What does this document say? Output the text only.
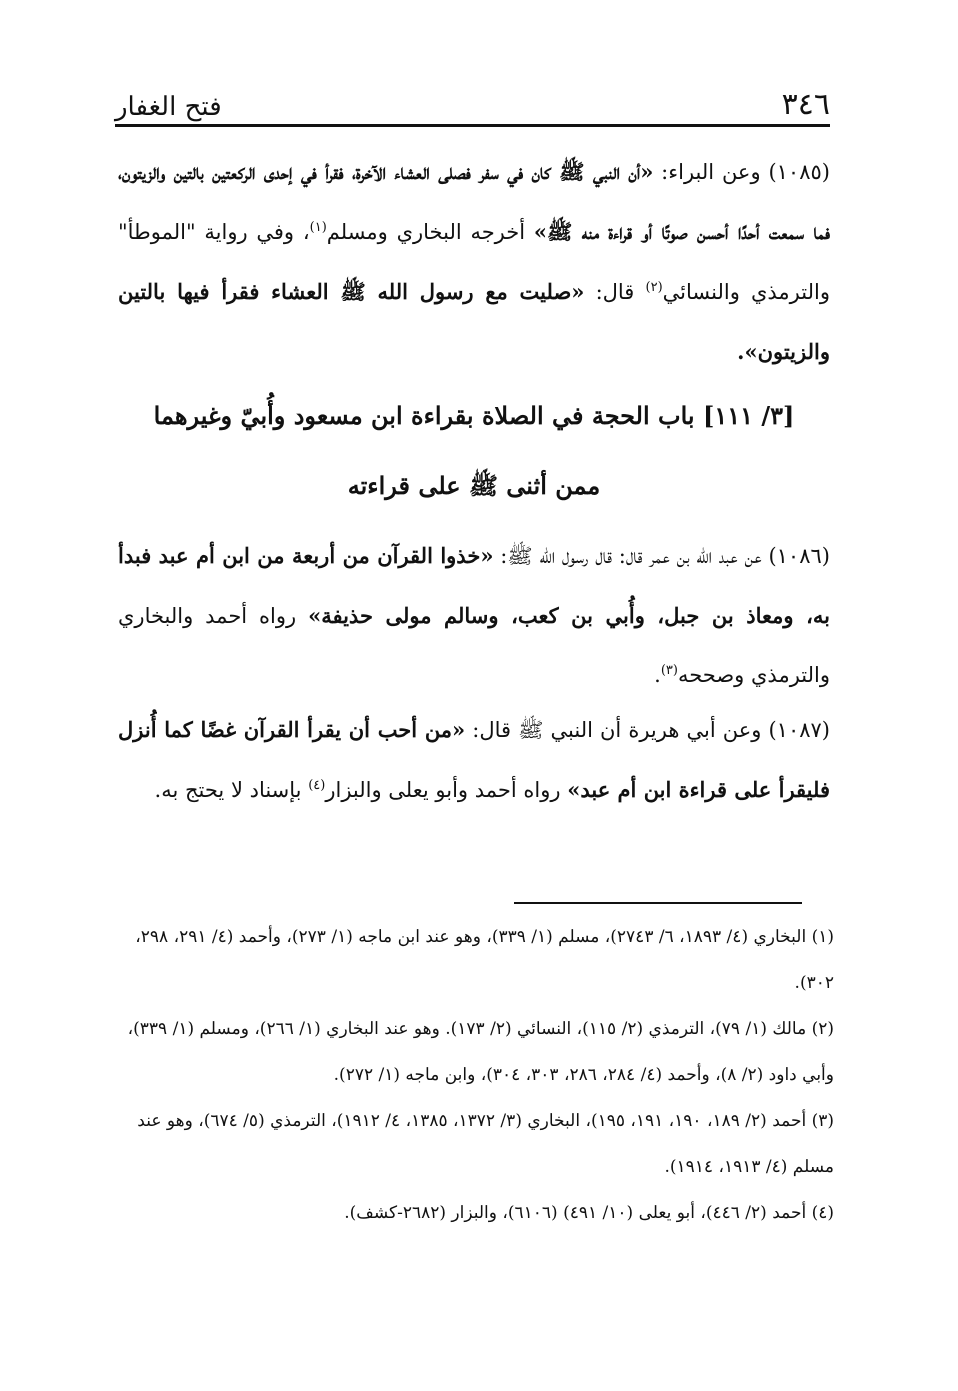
٣٤٦
فتح الغفار
(١٠٨٥) وعن البراء: «أن النبي ﷺ كان في سفر فصلى العشاء الآخرة، فقرأ في إحدى الركعتين بالتين والزيتون، فما سمعت أحدًا أحسن صوتًا أو قراءة منه ﷺ» أخرجه البخاري ومسلم$^{(١)}$، وفي رواية "الموطأ" والترمذي والنسائي$^{(٢)}$ قال: «صليت مع رسول الله ﷺ العشاء فقرأ فيها بالتين والزيتون».
[٣/ ١١١] باب الحجة في الصلاة بقراءة ابن مسعود وأُبيّ وغيرهما
ممن أثنى ﷺ على قراءته
(١٠٨٦) عن عبد الله بن عمر قال: قال رسول الله ﷺ: «خذوا القرآن من أربعة من ابن أم عبد فبدأ به، ومعاذ بن جبل، وأُبي بن كعب، وسالم مولى حذيفة» رواه أحمد والبخاري والترمذي وصححه$^{(٣)}$.
(١٠٨٧) وعن أبي هريرة أن النبي ﷺ قال: «من أحب أن يقرأ القرآن غضًا كما أُنزل فليقرأ على قراءة ابن أم عبد» رواه أحمد وأبو يعلى والبزار$^{(٤)}$ بإسناد لا يحتج به.

(١) البخاري (٤/ ١٨٩٣، ٦/ ٢٧٤٣)، مسلم (١/ ٣٣٩)، وهو عند ابن ماجه (١/ ٢٧٣)، وأحمد (٤/ ٢٩١، ٢٩٨، ٣٠٢).

(٢) مالك (١/ ٧٩)، الترمذي (٢/ ١١٥)، النسائي (٢/ ١٧٣). وهو عند البخاري (١/ ٢٦٦)، ومسلم (١/ ٣٣٩)، وأبي داود (٢/ ٨)، وأحمد (٤/ ٢٨٤، ٢٨٦، ٣٠٣، ٣٠٤)، وابن ماجه (١/ ٢٧٢).

(٣) أحمد (٢/ ١٨٩، ١٩٠، ١٩١، ١٩٥)، البخاري (٣/ ١٣٧٢، ١٣٨٥، ٤/ ١٩١٢)، الترمذي (٥/ ٦٧٤)، وهو عند مسلم (٤/ ١٩١٣، ١٩١٤).

(٤) أحمد (٢/ ٤٤٦)، أبو يعلى (١٠/ ٤٩١) (٦١٠٦)، والبزار (٢٦٨٢-كشف).
